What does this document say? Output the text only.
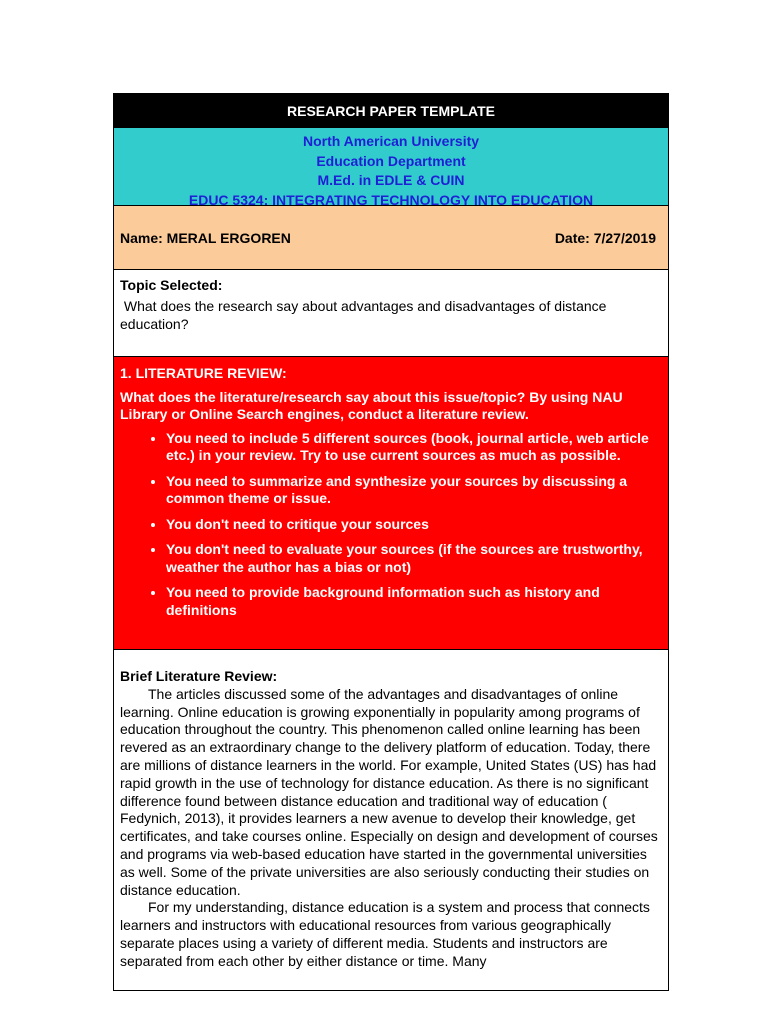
RESEARCH PAPER TEMPLATE
North American University
Education Department
M.Ed. in EDLE & CUIN
EDUC 5324: INTEGRATING TECHNOLOGY INTO EDUCATION
Name: MERAL ERGOREN	Date: 7/27/2019
Topic Selected:
What does the research say about advantages and disadvantages of distance education?
1. LITERATURE REVIEW:
What does the literature/research say about this issue/topic? By using NAU Library or Online Search engines, conduct a literature review.
• You need to include 5 different sources (book, journal article, web article etc.) in your review. Try to use current sources as much as possible.
• You need to summarize and synthesize your sources by discussing a common theme or issue.
• You don't need to critique your sources
• You don't need to evaluate your sources (if the sources are trustworthy, weather the author has a bias or not)
• You need to provide background information such as history and definitions
Brief Literature Review:

The articles discussed some of the advantages and disadvantages of online learning. Online education is growing exponentially in popularity among programs of education throughout the country. This phenomenon called online learning has been revered as an extraordinary change to the delivery platform of education. Today, there are millions of distance learners in the world. For example, United States (US) has had rapid growth in the use of technology for distance education. As there is no significant difference found between distance education and traditional way of education ( Fedynich, 2013), it provides learners a new avenue to develop their knowledge, get certificates, and take courses online. Especially on design and development of courses and programs via web-based education have started in the governmental universities as well. Some of the private universities are also seriously conducting their studies on distance education.

For my understanding, distance education is a system and process that connects learners and instructors with educational resources from various geographically separate places using a variety of different media. Students and instructors are separated from each other by either distance or time. Many
